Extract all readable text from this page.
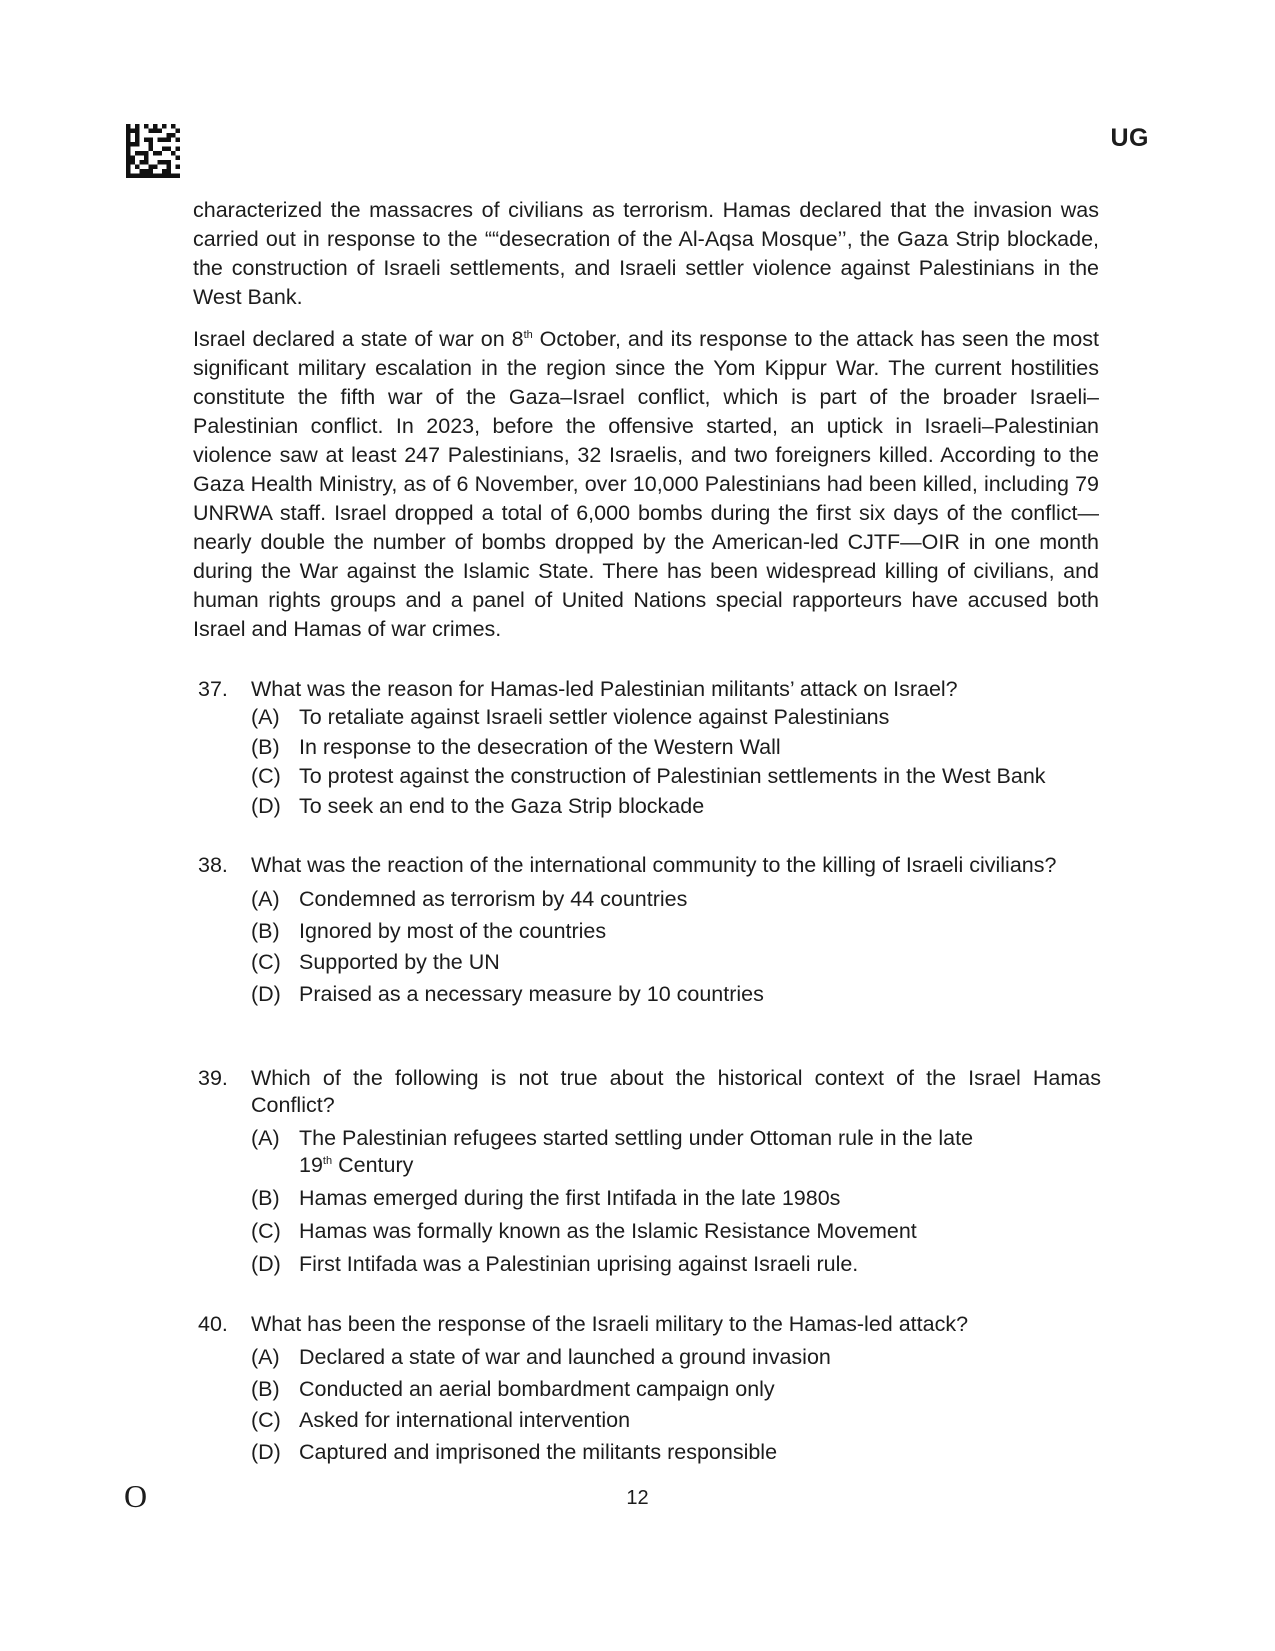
UG

characterized the massacres of civilians as terrorism. Hamas declared that the invasion was carried out in response to the ““desecration of the Al-Aqsa Mosque’’, the Gaza Strip blockade, the construction of Israeli settlements, and Israeli settler violence against Palestinians in the West Bank.

Israel declared a state of war on 8th October, and its response to the attack has seen the most significant military escalation in the region since the Yom Kippur War. The current hostilities constitute the fifth war of the Gaza–Israel conflict, which is part of the broader Israeli–Palestinian conflict. In 2023, before the offensive started, an uptick in Israeli–Palestinian violence saw at least 247 Palestinians, 32 Israelis, and two foreigners killed. According to the Gaza Health Ministry, as of 6 November, over 10,000 Palestinians had been killed, including 79 UNRWA staff. Israel dropped a total of 6,000 bombs during the first six days of the conflict—nearly double the number of bombs dropped by the American-led CJTF—OIR in one month during the War against the Islamic State. There has been widespread killing of civilians, and human rights groups and a panel of United Nations special rapporteurs have accused both Israel and Hamas of war crimes.

37.	What was the reason for Hamas-led Palestinian militants’ attack on Israel?
(A) To retaliate against Israeli settler violence against Palestinians
(B) In response to the desecration of the Western Wall
(C) To protest against the construction of Palestinian settlements in the West Bank
(D) To seek an end to the Gaza Strip blockade
38.	What was the reaction of the international community to the killing of Israeli civilians?
(A) Condemned as terrorism by 44 countries
(B) Ignored by most of the countries
(C) Supported by the UN
(D) Praised as a necessary measure by 10 countries
39.	Which of the following is not true about the historical context of the Israel Hamas Conflict?
(A) The Palestinian refugees started settling under Ottoman rule in the late
19th Century
(B) Hamas emerged during the first Intifada in the late 1980s
(C) Hamas was formally known as the Islamic Resistance Movement
(D) First Intifada was a Palestinian uprising against Israeli rule.
40.	What has been the response of the Israeli military to the Hamas-led attack?
(A) Declared a state of war and launched a ground invasion
(B) Conducted an aerial bombardment campaign only
(C) Asked for international intervention
(D) Captured and imprisoned the militants responsible
O	12
